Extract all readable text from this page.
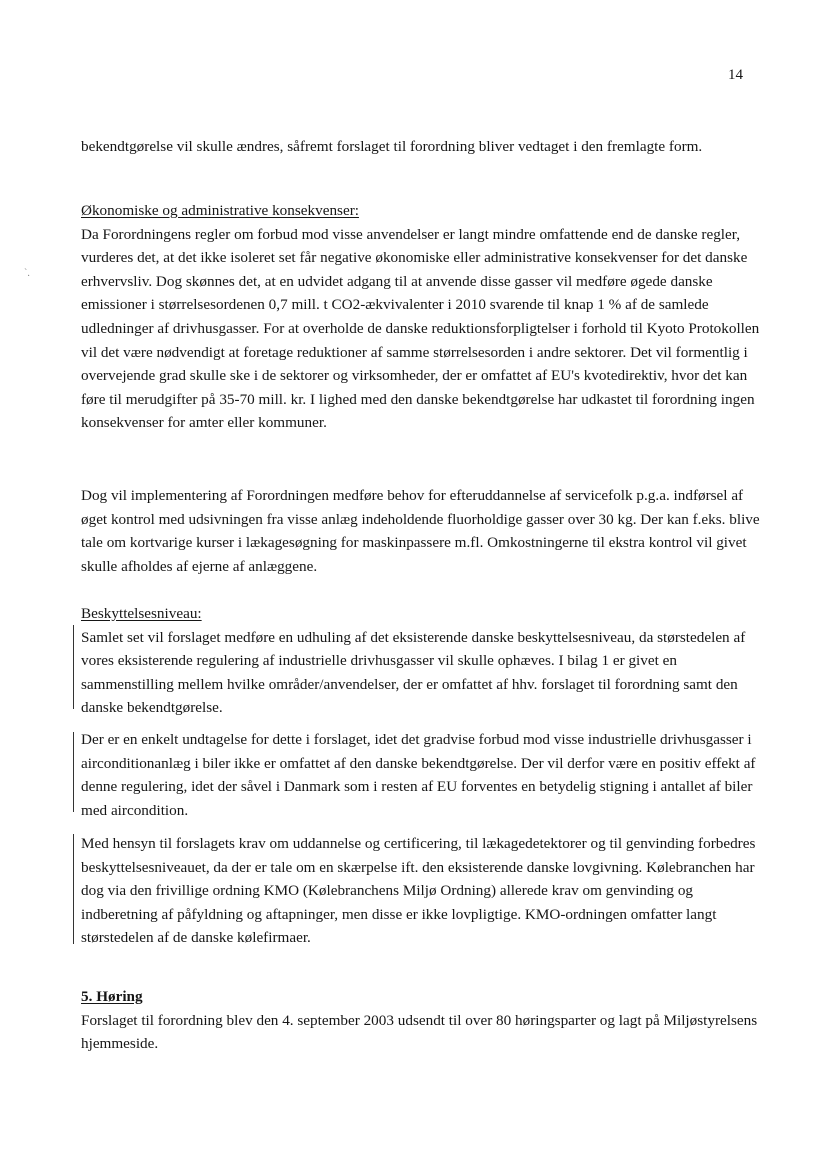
14
`.

bekendtgørelse vil skulle ændres, såfremt forslaget til forordning bliver vedtaget i den fremlagte form.

Økonomiske og administrative konsekvenser:

Da Forordningens regler om forbud mod visse anvendelser er langt mindre omfattende end de danske regler, vurderes det, at det ikke isoleret set får negative økonomiske eller administrative konsekvenser for det danske erhvervsliv. Dog skønnes det, at en udvidet adgang til at anvende disse gasser vil medføre øgede danske emissioner i størrelsesordenen 0,7 mill. t CO2-ækvivalenter i 2010 svarende til knap 1 % af de samlede udledninger af drivhusgasser. For at overholde de danske reduktionsforpligtelser i forhold til Kyoto Protokollen vil det være nødvendigt at foretage reduktioner af samme størrelsesorden i andre sektorer. Det vil formentlig i overvejende grad skulle ske i de sektorer og virksomheder, der er omfattet af EU's kvotedirektiv, hvor det kan føre til merudgifter på 35-70 mill. kr. I lighed med den danske bekendtgørelse har udkastet til forordning ingen konsekvenser for amter eller kommuner.

Dog vil implementering af Forordningen medføre behov for efteruddannelse af servicefolk p.g.a. indførsel af øget kontrol med udsivningen fra visse anlæg indeholdende fluorholdige gasser over 30 kg. Der kan f.eks. blive tale om kortvarige kurser i lækagesøgning for maskinpassere m.fl. Omkostningerne til ekstra kontrol vil givet skulle afholdes af ejerne af anlæggene.

Beskyttelsesniveau:

Samlet set vil forslaget medføre en udhuling af det eksisterende danske beskyttelsesniveau, da størstedelen af vores eksisterende regulering af industrielle drivhusgasser vil skulle ophæves. I bilag 1 er givet en sammenstilling mellem hvilke områder/anvendelser, der er omfattet af hhv. forslaget til forordning samt den danske bekendtgørelse.

Der er en enkelt undtagelse for dette i forslaget, idet det gradvise forbud mod visse industrielle drivhusgasser i airconditionanlæg i biler ikke er omfattet af den danske bekendtgørelse. Der vil derfor være en positiv effekt af denne regulering, idet der såvel i Danmark som i resten af EU forventes en betydelig stigning i antallet af biler med aircondition.

Med hensyn til forslagets krav om uddannelse og certificering, til lækagedetektorer og til genvinding forbedres beskyttelsesniveauet, da der er tale om en skærpelse ift. den eksisterende danske lovgivning. Kølebranchen har dog via den frivillige ordning KMO (Kølebranchens Miljø Ordning) allerede krav om genvinding og indberetning af påfyldning og aftapninger, men disse er ikke lovpligtige. KMO-ordningen omfatter langt størstedelen af de danske kølefirmaer.

5. Høring

Forslaget til forordning blev den 4. september 2003 udsendt til over 80 høringsparter og lagt på Miljøstyrelsens hjemmeside.
